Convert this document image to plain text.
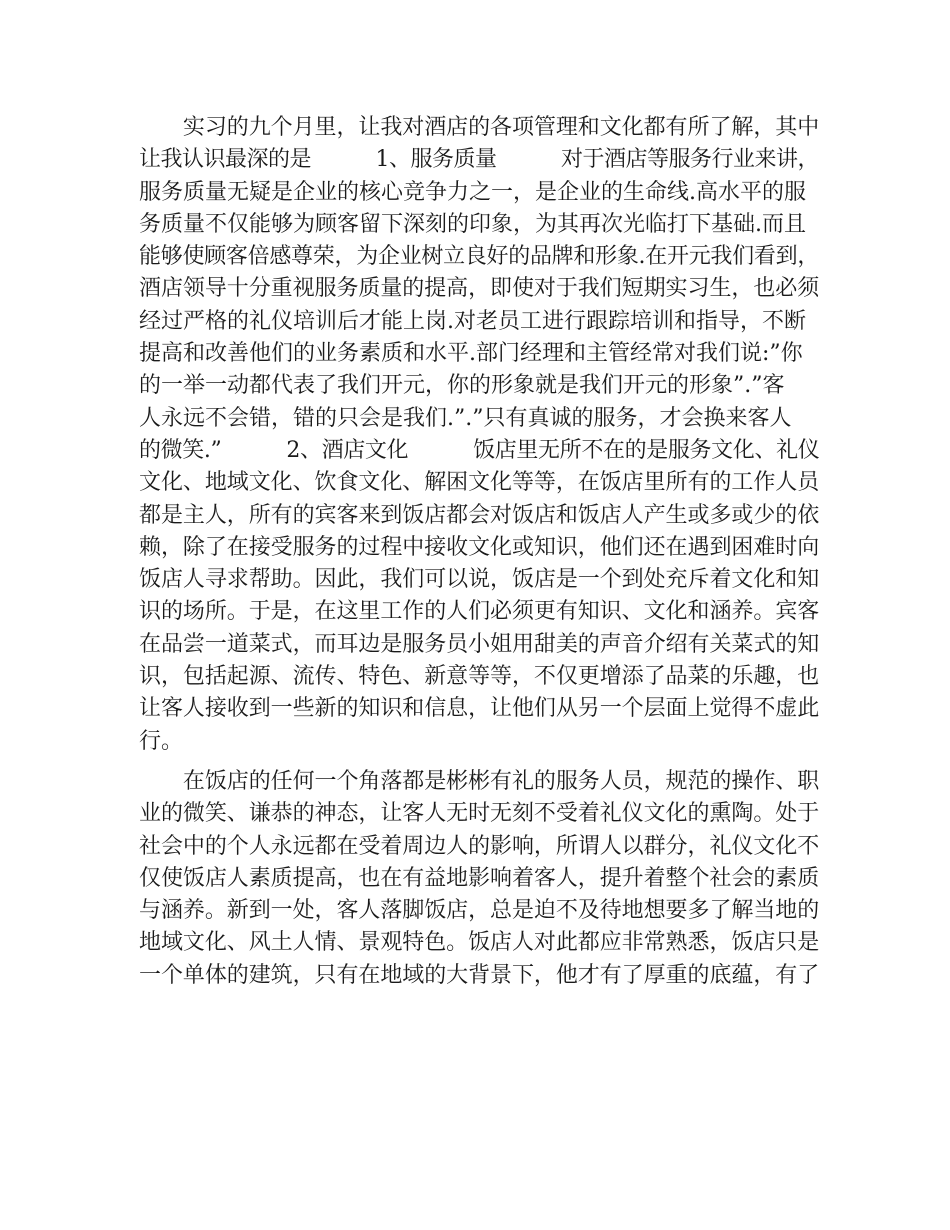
　　实习的九个月里，让我对酒店的各项管理和文化都有所了解，其中
让我认识最深的是　　　1、服务质量　　　对于酒店等服务行业来讲，
服务质量无疑是企业的核心竞争力之一，是企业的生命线.高水平的服
务质量不仅能够为顾客留下深刻的印象，为其再次光临打下基础.而且
能够使顾客倍感尊荣，为企业树立良好的品牌和形象.在开元我们看到，
酒店领导十分重视服务质量的提高，即使对于我们短期实习生，也必须
经过严格的礼仪培训后才能上岗.对老员工进行跟踪培训和指导，不断
提高和改善他们的业务素质和水平.部门经理和主管经常对我们说:”你
的一举一动都代表了我们开元，你的形象就是我们开元的形象”.”客
人永远不会错，错的只会是我们.”.”只有真诚的服务，才会换来客人
的微笑.”　　　2、酒店文化　　　饭店里无所不在的是服务文化、礼仪
文化、地域文化、饮食文化、解困文化等等，在饭店里所有的工作人员
都是主人，所有的宾客来到饭店都会对饭店和饭店人产生或多或少的依
赖，除了在接受服务的过程中接收文化或知识，他们还在遇到困难时向
饭店人寻求帮助。因此，我们可以说，饭店是一个到处充斥着文化和知
识的场所。于是，在这里工作的人们必须更有知识、文化和涵养。宾客
在品尝一道菜式，而耳边是服务员小姐用甜美的声音介绍有关菜式的知
识，包括起源、流传、特色、新意等等，不仅更增添了品菜的乐趣，也
让客人接收到一些新的知识和信息，让他们从另一个层面上觉得不虚此
行。
　　在饭店的任何一个角落都是彬彬有礼的服务人员，规范的操作、职
业的微笑、谦恭的神态，让客人无时无刻不受着礼仪文化的熏陶。处于
社会中的个人永远都在受着周边人的影响，所谓人以群分，礼仪文化不
仅使饭店人素质提高，也在有益地影响着客人，提升着整个社会的素质
与涵养。新到一处，客人落脚饭店，总是迫不及待地想要多了解当地的
地域文化、风土人情、景观特色。饭店人对此都应非常熟悉，饭店只是
一个单体的建筑，只有在地域的大背景下，他才有了厚重的底蕴，有了
